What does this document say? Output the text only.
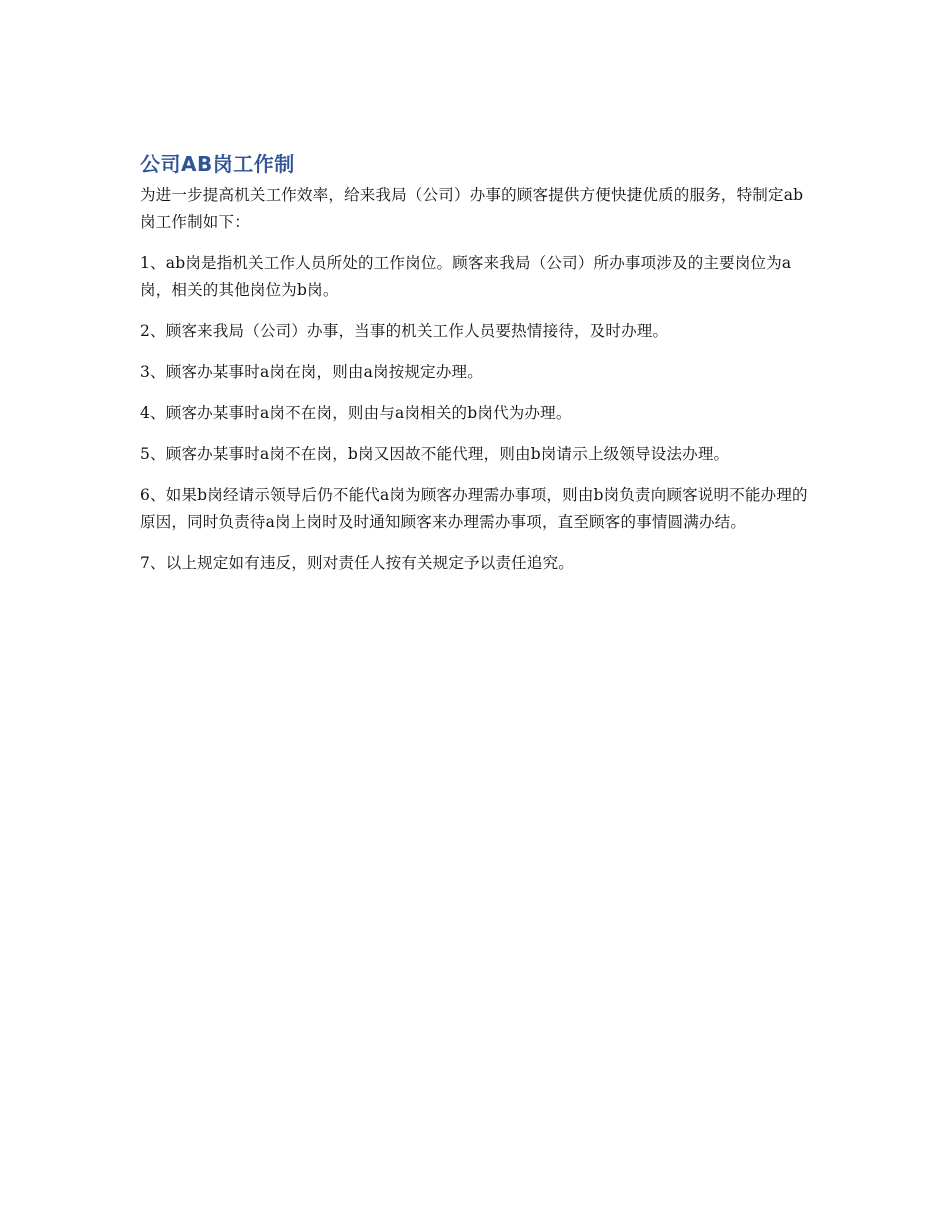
公司AB岗工作制

为进一步提高机关工作效率，给来我局（公司）办事的顾客提供方便快捷优质的服务，特制定ab岗工作制如下：

1、ab岗是指机关工作人员所处的工作岗位。顾客来我局（公司）所办事项涉及的主要岗位为a岗，相关的其他岗位为b岗。

2、顾客来我局（公司）办事，当事的机关工作人员要热情接待，及时办理。

3、顾客办某事时a岗在岗，则由a岗按规定办理。

4、顾客办某事时a岗不在岗，则由与a岗相关的b岗代为办理。

5、顾客办某事时a岗不在岗，b岗又因故不能代理，则由b岗请示上级领导设法办理。

6、如果b岗经请示领导后仍不能代a岗为顾客办理需办事项，则由b岗负责向顾客说明不能办理的原因，同时负责待a岗上岗时及时通知顾客来办理需办事项，直至顾客的事情圆满办结。

7、以上规定如有违反，则对责任人按有关规定予以责任追究。
